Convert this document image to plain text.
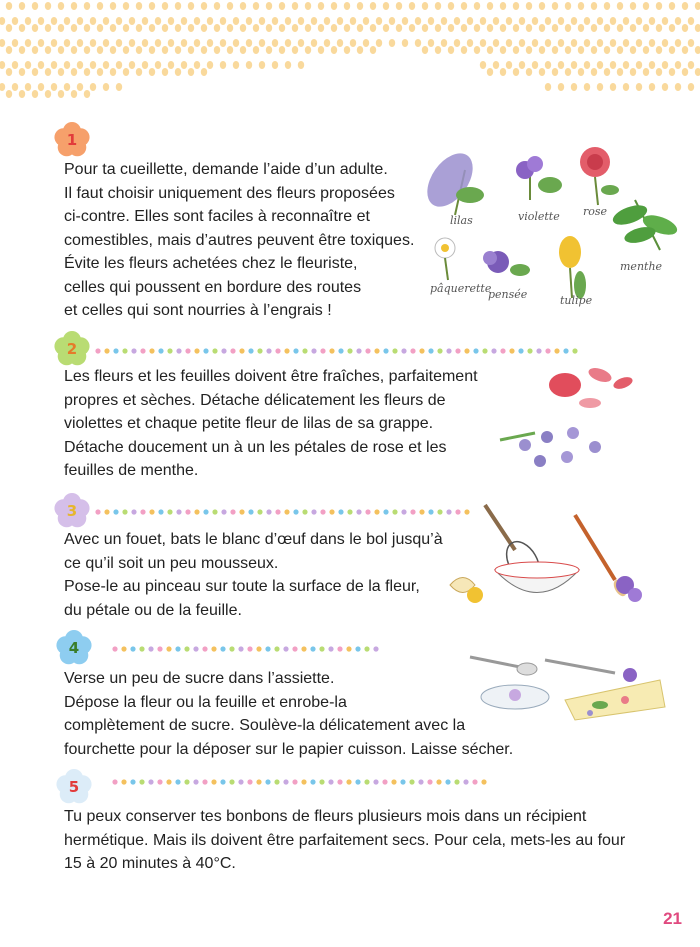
1

Pour ta cueillette, demande l’aide d’un adulte.
Il faut choisir uniquement des fleurs proposées
ci-contre. Elles sont faciles à reconnaître et
comestibles, mais d’autres peuvent être toxiques.
Évite les fleurs achetées chez le fleuriste,
celles qui poussent en bordure des routes
et celles qui sont nourries à l’engrais !

lilas	violette rose
menthe
pâquerette
pensée	tulipe
2

Les fleurs et les feuilles doivent être fraîches, parfaitement
propres et sèches. Détache délicatement les fleurs de
violettes et chaque petite fleur de lilas de sa grappe.
Détache doucement un à un les pétales de rose et les
feuilles de menthe.

3

Avec un fouet, bats le blanc d’œuf dans le bol jusqu’à
ce qu’il soit un peu mousseux.
Pose-le au pinceau sur toute la surface de la fleur,
du pétale ou de la feuille.

4

Verse un peu de sucre dans l’assiette.
Dépose la fleur ou la feuille et enrobe-la
complètement de sucre. Soulève-la délicatement avec la
fourchette pour la déposer sur le papier cuisson. Laisse sécher.

5

Tu peux conserver tes bonbons de fleurs plusieurs mois dans un récipient
hermétique. Mais ils doivent être parfaitement secs. Pour cela, mets-les au four
15 à 20 minutes à 40°C.

21
